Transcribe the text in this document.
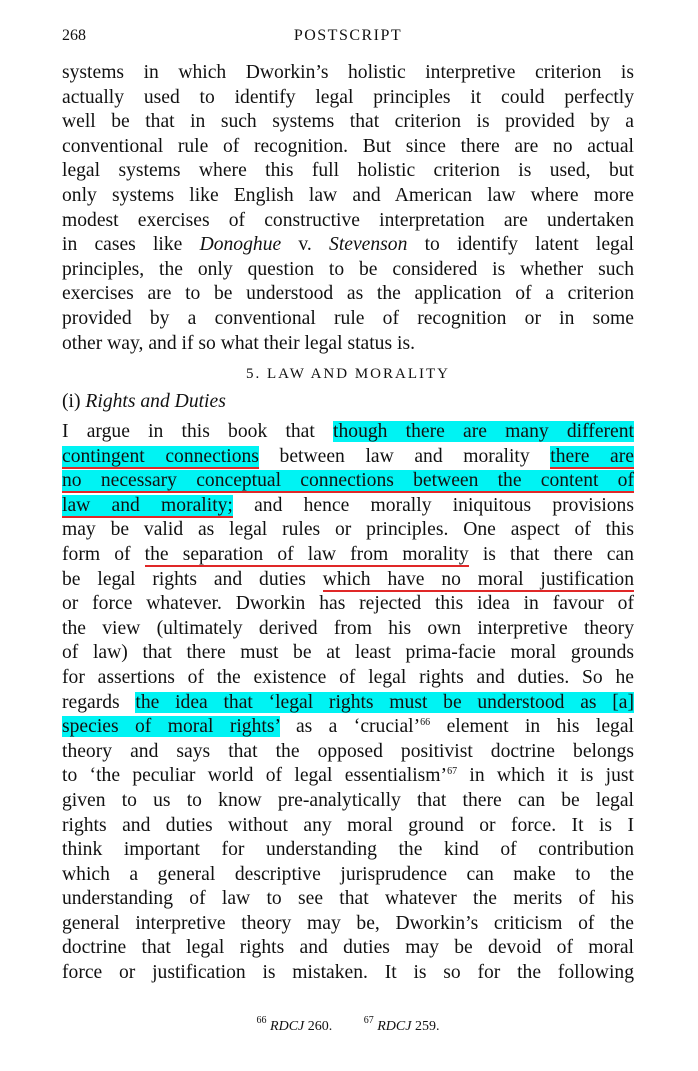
268	POSTSCRIPT
systems in which Dworkin’s holistic interpretive criterion is
actually used to identify legal principles it could perfectly
well be that in such systems that criterion is provided by a
conventional rule of recognition. But since there are no actual
legal systems where this full holistic criterion is used, but
only systems like English law and American law where more
modest exercises of constructive interpretation are undertaken
in cases like Donoghue v. Stevenson to identify latent legal
principles, the only question to be considered is whether such
exercises are to be understood as the application of a criterion
provided by a conventional rule of recognition or in some
other way, and if so what their legal status is.
5. LAW AND MORALITY
(i) Rights and Duties
I argue in this book that though there are many different
contingent connections between law and morality there are
no necessary conceptual connections between the content of
law and morality; and hence morally iniquitous provisions
may be valid as legal rules or principles. One aspect of this
form of the separation of law from morality is that there can
be legal rights and duties which have no moral justification
or force whatever. Dworkin has rejected this idea in favour of
the view (ultimately derived from his own interpretive theory
of law) that there must be at least prima-facie moral grounds
for assertions of the existence of legal rights and duties. So he
regards the idea that ‘legal rights must be understood as [a]
species of moral rights’ as a ‘crucial’$^{66}$ element in his legal
theory and says that the opposed positivist doctrine belongs
to ‘the peculiar world of legal essentialism’$^{67}$ in which it is just
given to us to know pre-analytically that there can be legal
rights and duties without any moral ground or force. It is I
think important for understanding the kind of contribution
which a general descriptive jurisprudence can make to the
understanding of law to see that whatever the merits of his
general interpretive theory may be, Dworkin’s criticism of the
doctrine that legal rights and duties may be devoid of moral
force or justification is mistaken. It is so for the following
$^{66}$ RDCJ 260.	$^{67}$ RDCJ 259.
